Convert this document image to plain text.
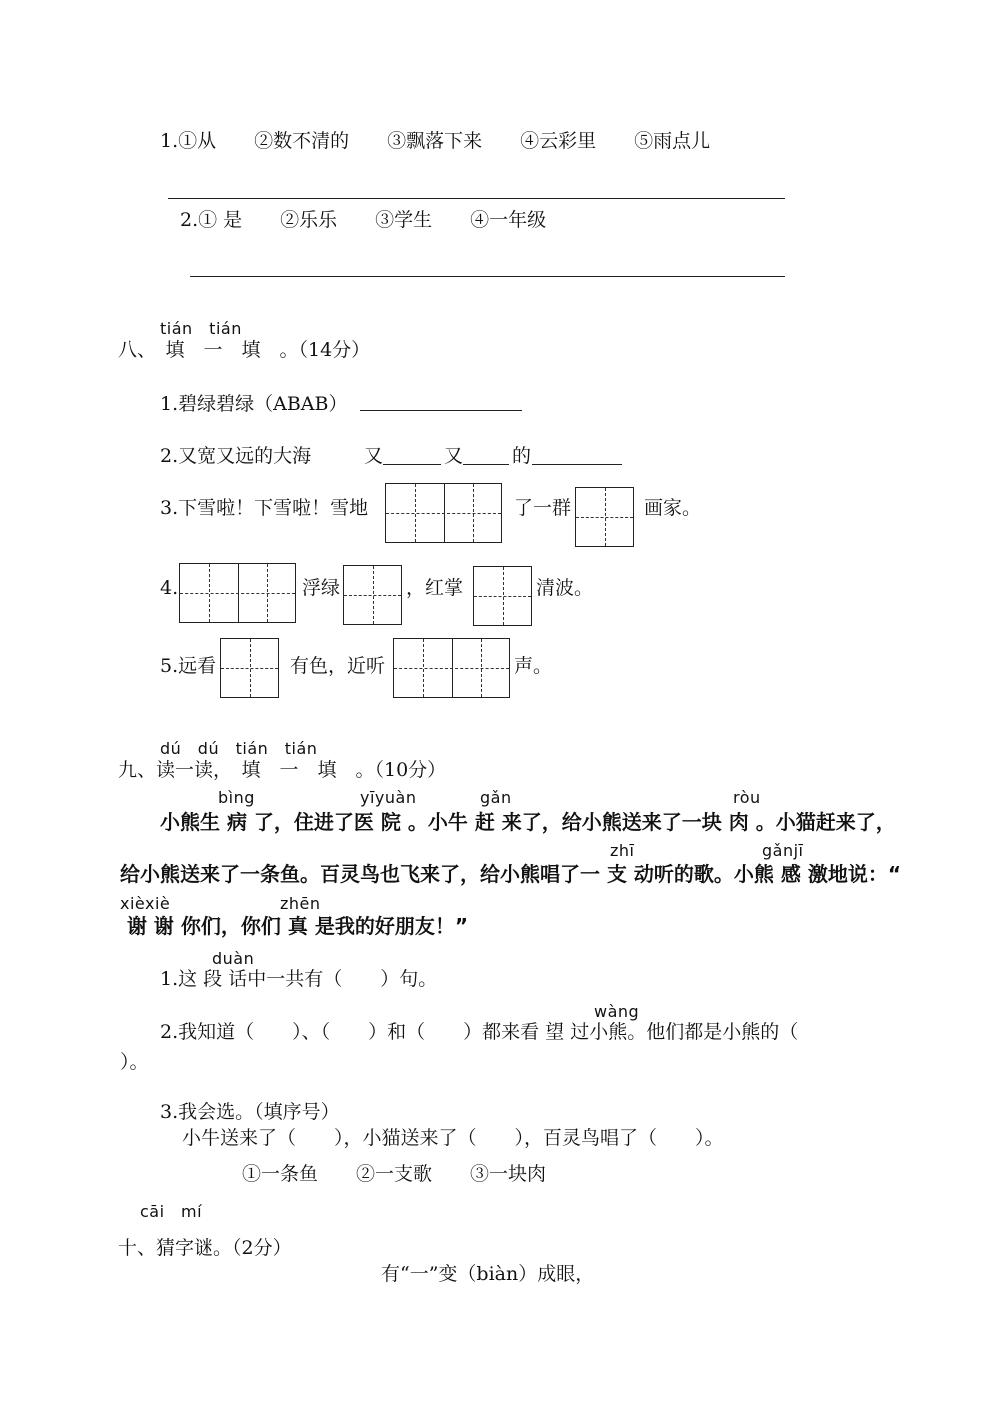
1.①从　　②数不清的　　③飘落下来　　④云彩里　　⑤雨点儿
2.① 是　　②乐乐　　③学生　　④一年级
tián　tián
八、　填　一　填　。（14分）
1.碧绿碧绿（ABAB）
2.又宽又远的大海	又	又	的
3.下雪啦！下雪啦！雪地	了一群	画家。
4.	浮绿	，红掌	清波。
5.远看	有色，近听	声。
dú　dú　tián　tián
九、读一读，　填　一　填　。（10分）
bìng	yīyuàn	gǎn	ròu
小熊生 病 了，住进了医 院 。小牛 赶 来了，给小熊送来了一块 肉 。小猫赶来了，
zhī	gǎnjī
给小熊送来了一条鱼。百灵鸟也飞来了，给小熊唱了一 支 动听的歌。小熊 感 激地说：“
xièxiè	zhēn
谢 谢 你们，你们 真 是我的好朋友！”
duàn
1.这 段 话中一共有（　　）句。
wàng
2.我知道（　　）、（　　）和（　　）都来看 望 过小熊。他们都是小熊的（
）。
3.我会选。（填序号）
小牛送来了（　　），小猫送来了（　　），百灵鸟唱了（　　）。
①一条鱼　　②一支歌　　③一块肉
cāi　mí
十、猜字谜。（2分）
有“一”变（biàn）成眼，
